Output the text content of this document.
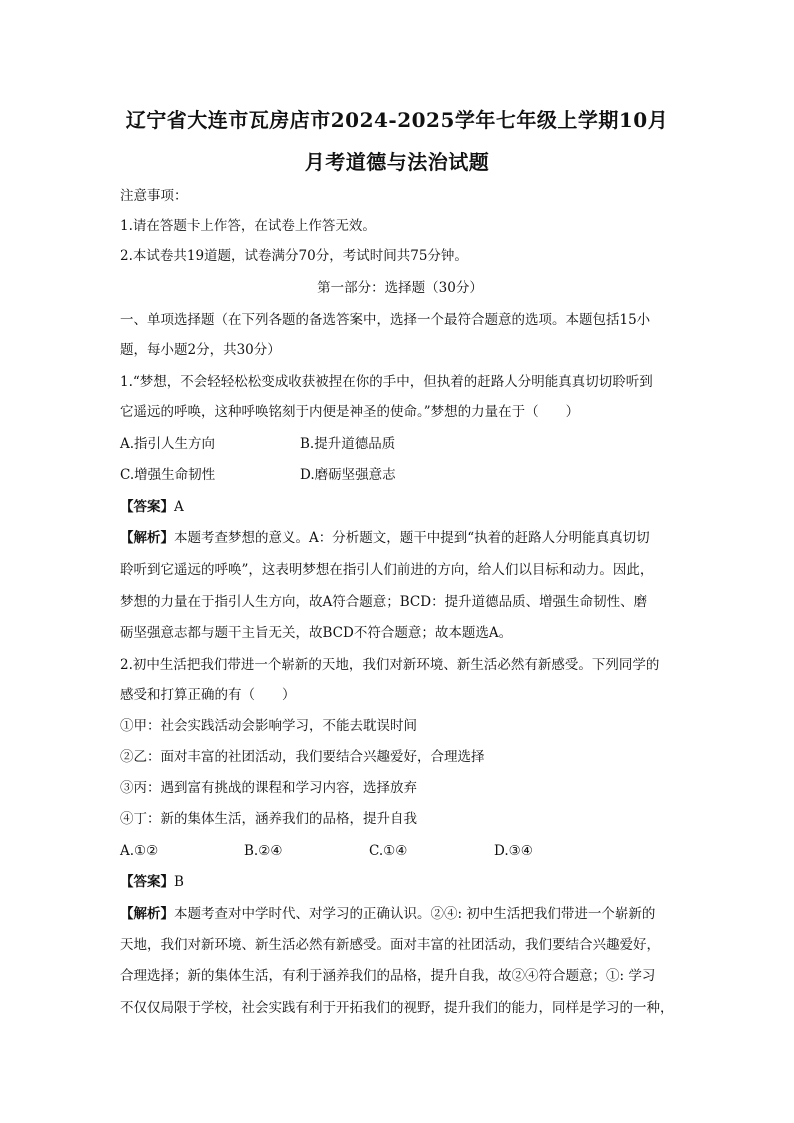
辽宁省大连市瓦房店市2024-2025学年七年级上学期10月
月考道德与法治试题
注意事项：
1.请在答题卡上作答，在试卷上作答无效。
2.本试卷共19道题，试卷满分70分，考试时间共75分钟。
第一部分：选择题（30分）
一、单项选择题（在下列各题的备选答案中，选择一个最符合题意的选项。本题包括15小
题，每小题2分，共30分）
1.“梦想，不会轻轻松松变成收获被捏在你的手中，但执着的赶路人分明能真真切切聆听到
它遥远的呼唤，这种呼唤铭刻于内便是神圣的使命。”梦想的力量在于（　　）
A.指引人生方向	B.提升道德品质
C.增强生命韧性	D.磨砺坚强意志
【答案】A
【解析】本题考查梦想的意义。A：分析题文，题干中提到“执着的赶路人分明能真真切切
聆听到它遥远的呼唤”，这表明梦想在指引人们前进的方向，给人们以目标和动力。因此，
梦想的力量在于指引人生方向，故A符合题意；BCD：提升道德品质、增强生命韧性、磨
砺坚强意志都与题干主旨无关，故BCD不符合题意；故本题选A。
2.初中生活把我们带进一个崭新的天地，我们对新环境、新生活必然有新感受。下列同学的
感受和打算正确的有（　　）
①甲：社会实践活动会影响学习，不能去耽误时间
②乙：面对丰富的社团活动，我们要结合兴趣爱好，合理选择
③丙：遇到富有挑战的课程和学习内容，选择放弃
④丁：新的集体生活，涵养我们的品格，提升自我
A.①②	B.②④	C.①④	D.③④
【答案】B
【解析】本题考查对中学时代、对学习的正确认识。②④: 初中生活把我们带进一个崭新的
天地，我们对新环境、新生活必然有新感受。面对丰富的社团活动，我们要结合兴趣爱好，
合理选择；新的集体生活，有利于涵养我们的品格，提升自我，故②④符合题意；①: 学习
不仅仅局限于学校，社会实践有利于开拓我们的视野，提升我们的能力，同样是学习的一种，
